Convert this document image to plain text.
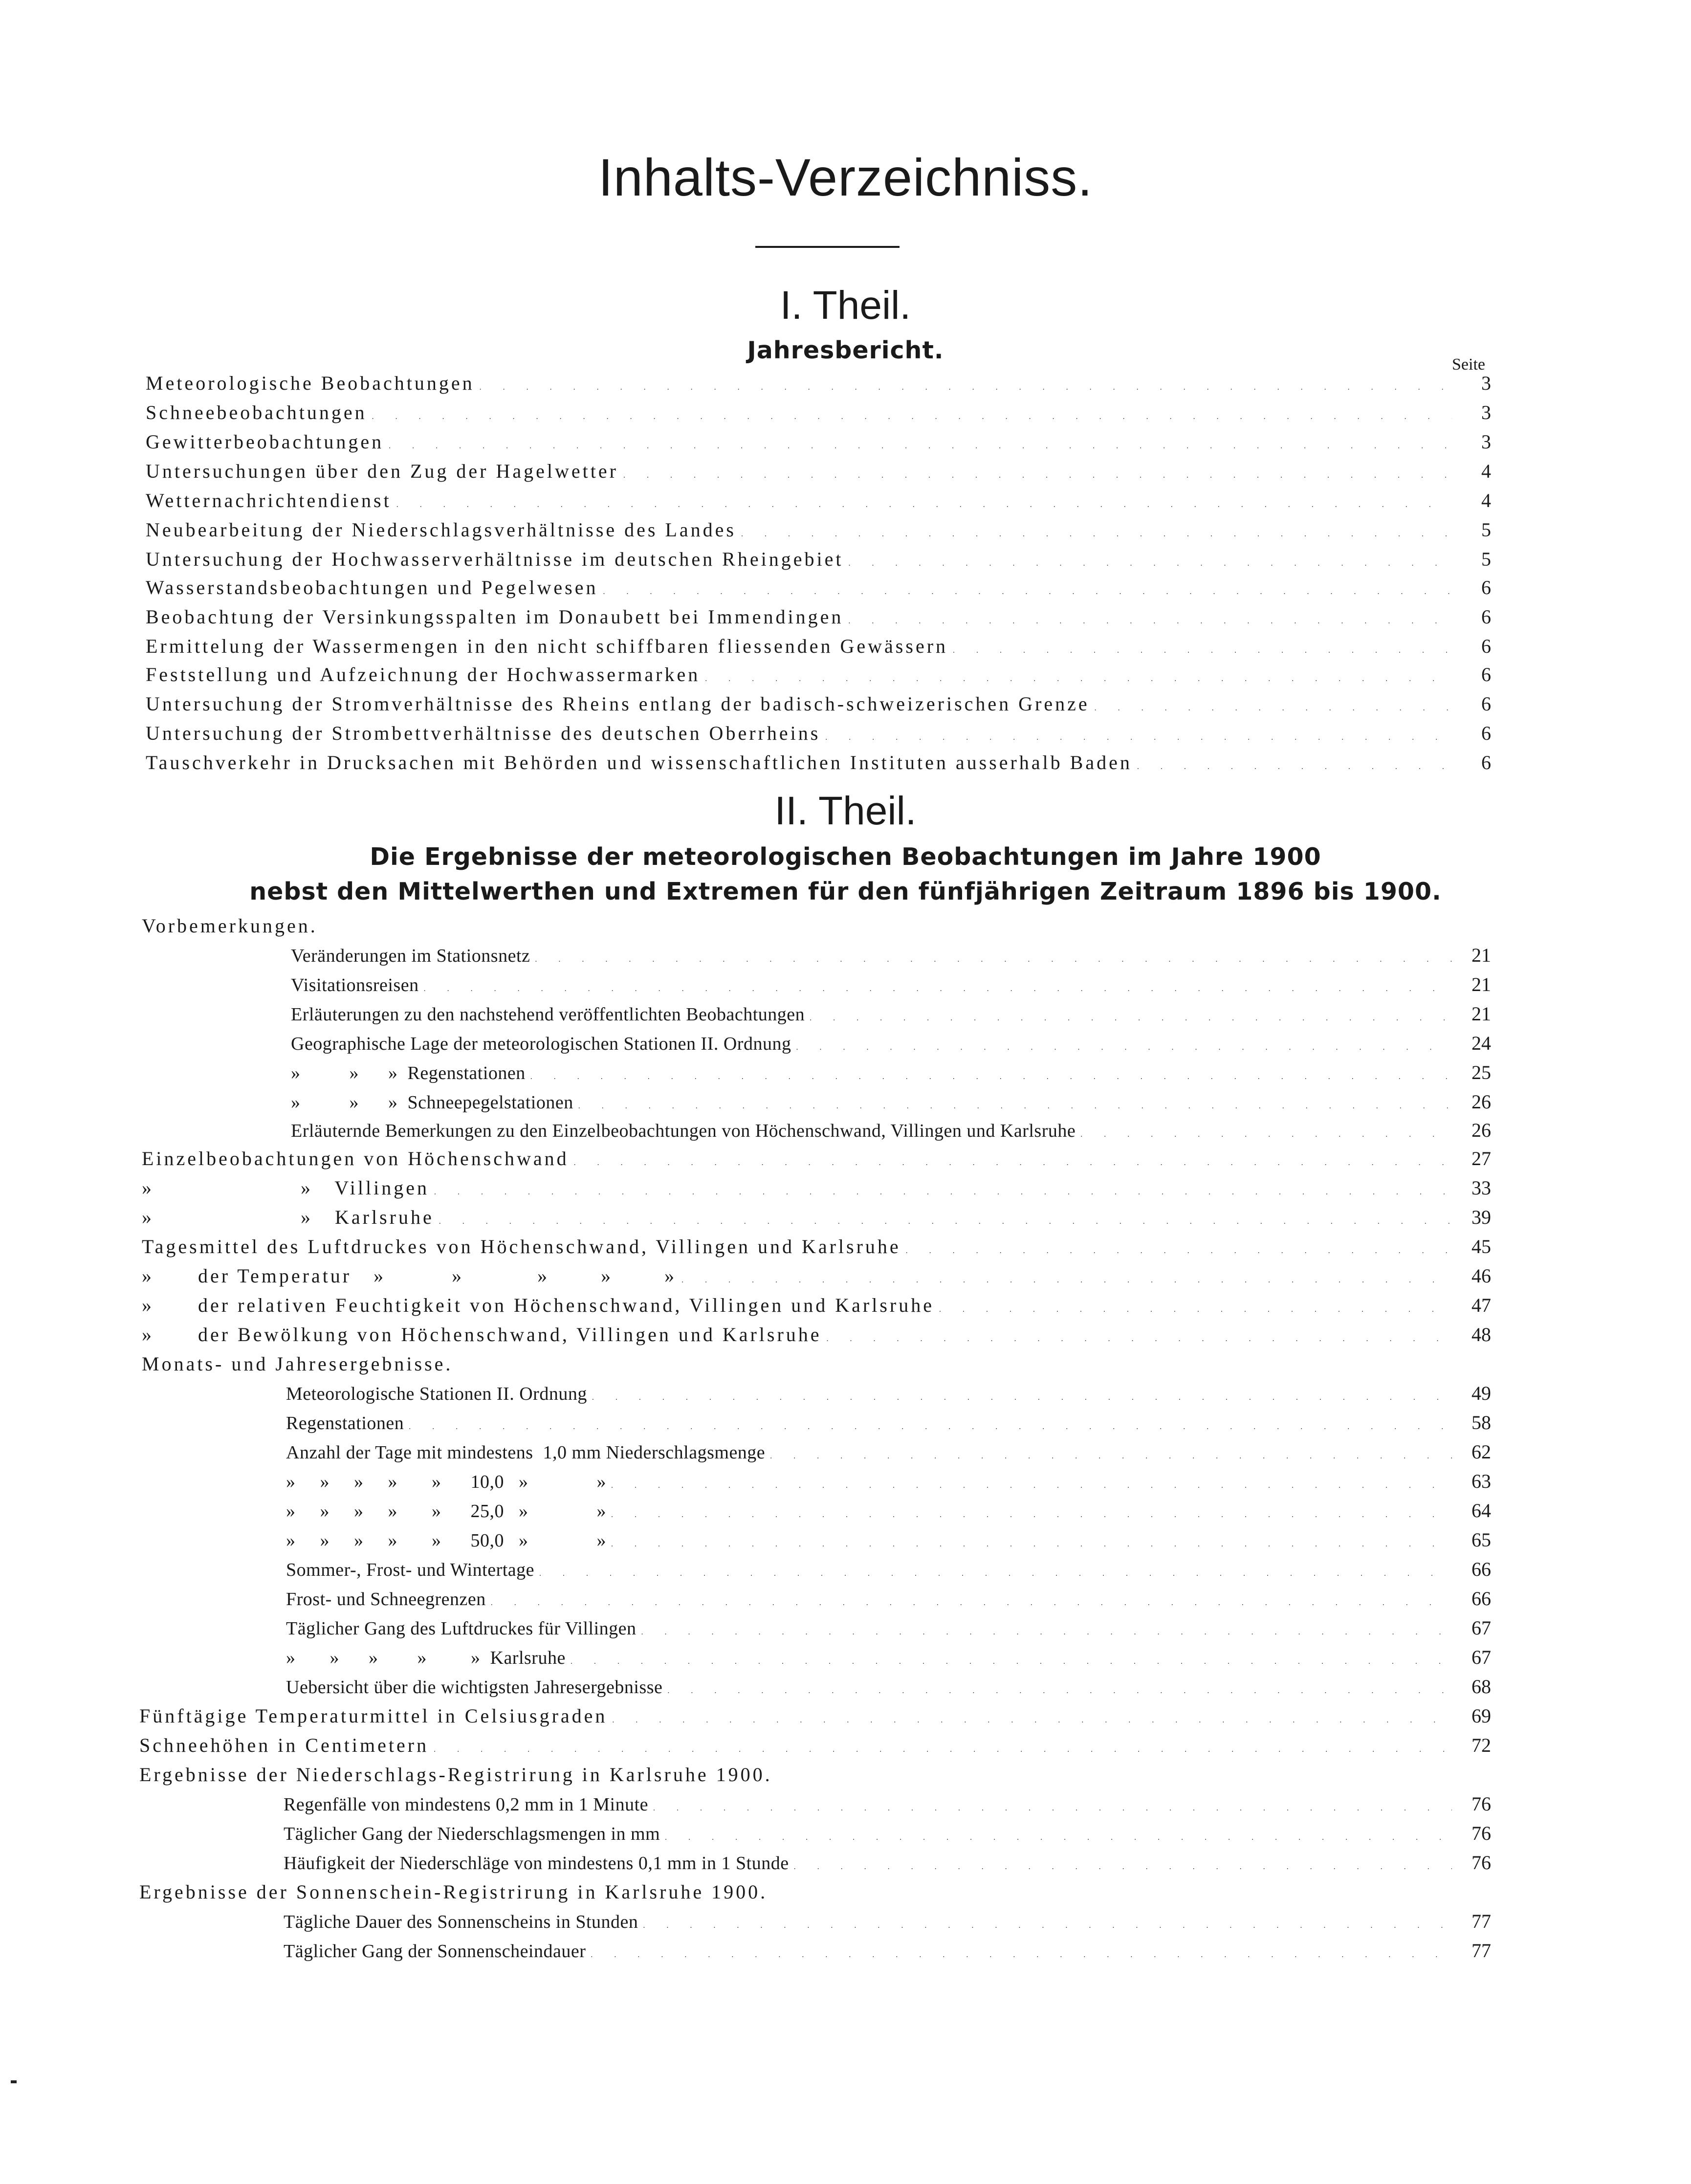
Inhalts-Verzeichniss.
I. Theil.
Jahresbericht.
Seite
II. Theil.
Die Ergebnisse der meteorologischen Beobachtungen im Jahre 1900
nebst den Mittelwerthen und Extremen für den fünfjährigen Zeitraum 1896 bis 1900.
Meteorologische Beobachtungen . . .	3
Schneebeobachtungen . . .	3
Gewitterbeobachtungen . . .	3
Untersuchungen über den Zug der Hagelwetter . . .	4
Wetternachrichtendienst . . .	4
Neubearbeitung der Niederschlagsverhältnisse des Landes . . .	5
Untersuchung der Hochwasserverhältnisse im deutschen Rheingebiet . . .	5
Wasserstandsbeobachtungen und Pegelwesen . . .	6
Beobachtung der Versinkungsspalten im Donaubett bei Immendingen . . .	6
Ermittelung der Wassermengen in den nicht schiffbaren fliessenden Gewässern . . .	6
Feststellung und Aufzeichnung der Hochwassermarken . . .	6
Untersuchung der Stromverhältnisse des Rheins entlang der badisch-schweizerischen Grenze . . .	6
Untersuchung der Strombettverhältnisse des deutschen Oberrheins . . .	6
Tauschverkehr in Drucksachen mit Behörden und wissenschaftlichen Instituten ausserhalb Baden . . .	6
Vorbemerkungen.
Veränderungen im Stationsnetz . . .	21
Visitationsreisen . . .	21
Erläuterungen zu den nachstehend veröffentlichten Beobachtungen . . .	21
Geographische Lage der meteorologischen Stationen II. Ordnung . . .	24
»          »      »  Regenstationen . . .	25
»          »      »  Schneepegelstationen . . .	26
Erläuternde Bemerkungen zu den Einzelbeobachtungen von Höchenschwand, Villingen und Karlsruhe . . .	26
Einzelbeobachtungen von Höchenschwand . . .	27
»                    »   Villingen . . .	33
»                    »   Karlsruhe . . .	39
Tagesmittel des Luftdruckes von Höchenschwand, Villingen und Karlsruhe . . .	45
»      der Temperatur   »         »          »       »       » . . .	46
»      der relativen Feuchtigkeit von Höchenschwand, Villingen und Karlsruhe . . .	47
»      der Bewölkung von Höchenschwand, Villingen und Karlsruhe . . .	48
Monats- und Jahresergebnisse.
Meteorologische Stationen II. Ordnung . . .	49
Regenstationen . . .	58
Anzahl der Tage mit mindestens  1,0 mm Niederschlagsmenge . . .	62
»     »     »     »       »      10,0   »              » . . .	63
»     »     »     »       »      25,0   »              » . . .	64
»     »     »     »       »      50,0   »              » . . .	65
Sommer-, Frost- und Wintertage . . .	66
Frost- und Schneegrenzen . . .	66
Täglicher Gang des Luftdruckes für Villingen . . .	67
»       »      »        »         »  Karlsruhe . . .	67
Uebersicht über die wichtigsten Jahresergebnisse . . .	68
Fünftägige Temperaturmittel in Celsiusgraden . . .	69
Schneehöhen in Centimetern . . .	72
Ergebnisse der Niederschlags-Registrirung in Karlsruhe 1900.
Regenfälle von mindestens 0,2 mm in 1 Minute . . .	76
Täglicher Gang der Niederschlagsmengen in mm . . .	76
Häufigkeit der Niederschläge von mindestens 0,1 mm in 1 Stunde . . .	76
Ergebnisse der Sonnenschein-Registrirung in Karlsruhe 1900.
Tägliche Dauer des Sonnenscheins in Stunden . . .	77
Täglicher Gang der Sonnenscheindauer . . .	77
